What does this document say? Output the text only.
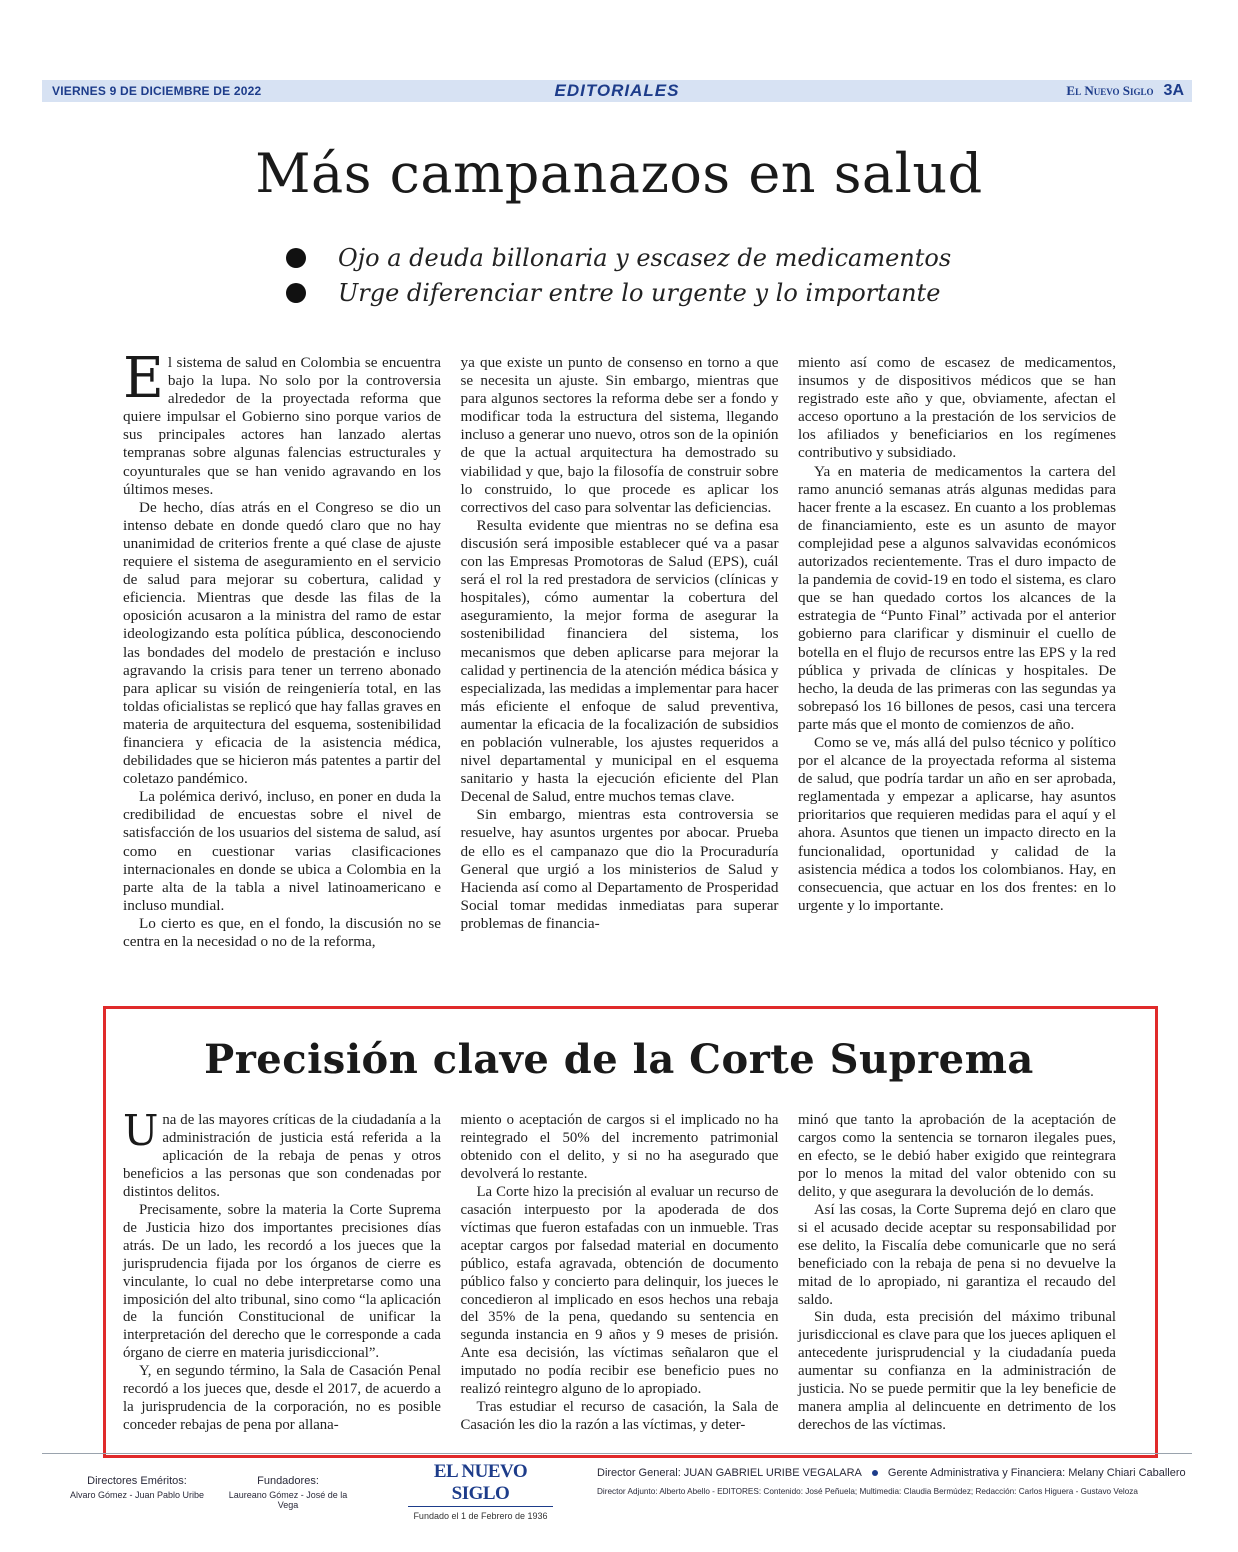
VIERNES 9 DE DICIEMBRE DE 2022	EDITORIALES	El Nuevo Siglo 3A
Más campanazos en salud
Ojo a deuda billonaria y escasez de medicamentos
Urge diferenciar entre lo urgente y lo importante

El sistema de salud en Colombia se encuentra bajo la lupa. No solo por la controversia alrededor de la proyectada reforma que quiere impulsar el Gobierno sino porque varios de sus principales actores han lanzado alertas tempranas sobre algunas falencias estructurales y coyunturales que se han venido agravando en los últimos meses.

De hecho, días atrás en el Congreso se dio un intenso debate en donde quedó claro que no hay unanimidad de criterios frente a qué clase de ajuste requiere el sistema de aseguramiento en el servicio de salud para mejorar su cobertura, calidad y eficiencia. Mientras que desde las filas de la oposición acusaron a la ministra del ramo de estar ideologizando esta política pública, desconociendo las bondades del modelo de prestación e incluso agravando la crisis para tener un terreno abonado para aplicar su visión de reingeniería total, en las toldas oficialistas se replicó que hay fallas graves en materia de arquitectura del esquema, sostenibilidad financiera y eficacia de la asistencia médica, debilidades que se hicieron más patentes a partir del coletazo pandémico.

La polémica derivó, incluso, en poner en duda la credibilidad de encuestas sobre el nivel de satisfacción de los usuarios del sistema de salud, así como en cuestionar varias clasificaciones internacionales en donde se ubica a Colombia en la parte alta de la tabla a nivel latinoamericano e incluso mundial.

Lo cierto es que, en el fondo, la discusión no se centra en la necesidad o no de la reforma,

ya que existe un punto de consenso en torno a que se necesita un ajuste. Sin embargo, mientras que para algunos sectores la reforma debe ser a fondo y modificar toda la estructura del sistema, llegando incluso a generar uno nuevo, otros son de la opinión de que la actual arquitectura ha demostrado su viabilidad y que, bajo la filosofía de construir sobre lo construido, lo que procede es aplicar los correctivos del caso para solventar las deficiencias.

Resulta evidente que mientras no se defina esa discusión será imposible establecer qué va a pasar con las Empresas Promotoras de Salud (EPS), cuál será el rol la red prestadora de servicios (clínicas y hospitales), cómo aumentar la cobertura del aseguramiento, la mejor forma de asegurar la sostenibilidad financiera del sistema, los mecanismos que deben aplicarse para mejorar la calidad y pertinencia de la atención médica básica y especializada, las medidas a implementar para hacer más eficiente el enfoque de salud preventiva, aumentar la eficacia de la focalización de subsidios en población vulnerable, los ajustes requeridos a nivel departamental y municipal en el esquema sanitario y hasta la ejecución eficiente del Plan Decenal de Salud, entre muchos temas clave.

Sin embargo, mientras esta controversia se resuelve, hay asuntos urgentes por abocar. Prueba de ello es el campanazo que dio la Procuraduría General que urgió a los ministerios de Salud y Hacienda así como al Departamento de Prosperidad Social tomar medidas inmediatas para superar problemas de financia-

miento así como de escasez de medicamentos, insumos y de dispositivos médicos que se han registrado este año y que, obviamente, afectan el acceso oportuno a la prestación de los servicios de los afiliados y beneficiarios en los regímenes contributivo y subsidiado.

Ya en materia de medicamentos la cartera del ramo anunció semanas atrás algunas medidas para hacer frente a la escasez. En cuanto a los problemas de financiamiento, este es un asunto de mayor complejidad pese a algunos salvavidas económicos autorizados recientemente. Tras el duro impacto de la pandemia de covid-19 en todo el sistema, es claro que se han quedado cortos los alcances de la estrategia de “Punto Final” activada por el anterior gobierno para clarificar y disminuir el cuello de botella en el flujo de recursos entre las EPS y la red pública y privada de clínicas y hospitales. De hecho, la deuda de las primeras con las segundas ya sobrepasó los 16 billones de pesos, casi una tercera parte más que el monto de comienzos de año.

Como se ve, más allá del pulso técnico y político por el alcance de la proyectada reforma al sistema de salud, que podría tardar un año en ser aprobada, reglamentada y empezar a aplicarse, hay asuntos prioritarios que requieren medidas para el aquí y el ahora. Asuntos que tienen un impacto directo en la funcionalidad, oportunidad y calidad de la asistencia médica a todos los colombianos. Hay, en consecuencia, que actuar en los dos frentes: en lo urgente y lo importante.

Precisión clave de la Corte Suprema

Una de las mayores críticas de la ciudadanía a la administración de justicia está referida a la aplicación de la rebaja de penas y otros beneficios a las personas que son condenadas por distintos delitos.

Precisamente, sobre la materia la Corte Suprema de Justicia hizo dos importantes precisiones días atrás. De un lado, les recordó a los jueces que la jurisprudencia fijada por los órganos de cierre es vinculante, lo cual no debe interpretarse como una imposición del alto tribunal, sino como “la aplicación de la función Constitucional de unificar la interpretación del derecho que le corresponde a cada órgano de cierre en materia jurisdiccional”.

Y, en segundo término, la Sala de Casación Penal recordó a los jueces que, desde el 2017, de acuerdo a la jurisprudencia de la corporación, no es posible conceder rebajas de pena por allana-

miento o aceptación de cargos si el implicado no ha reintegrado el 50% del incremento patrimonial obtenido con el delito, y si no ha asegurado que devolverá lo restante.

La Corte hizo la precisión al evaluar un recurso de casación interpuesto por la apoderada de dos víctimas que fueron estafadas con un inmueble. Tras aceptar cargos por falsedad material en documento público, estafa agravada, obtención de documento público falso y concierto para delinquir, los jueces le concedieron al implicado en esos hechos una rebaja del 35% de la pena, quedando su sentencia en segunda instancia en 9 años y 9 meses de prisión. Ante esa decisión, las víctimas señalaron que el imputado no podía recibir ese beneficio pues no realizó reintegro alguno de lo apropiado.

Tras estudiar el recurso de casación, la Sala de Casación les dio la razón a las víctimas, y deter-

minó que tanto la aprobación de la aceptación de cargos como la sentencia se tornaron ilegales pues, en efecto, se le debió haber exigido que reintegrara por lo menos la mitad del valor obtenido con su delito, y que asegurara la devolución de lo demás.

Así las cosas, la Corte Suprema dejó en claro que si el acusado decide aceptar su responsabilidad por ese delito, la Fiscalía debe comunicarle que no será beneficiado con la rebaja de pena si no devuelve la mitad de lo apropiado, ni garantiza el recaudo del saldo.

Sin duda, esta precisión del máximo tribunal jurisdiccional es clave para que los jueces apliquen el antecedente jurisprudencial y la ciudadanía pueda aumentar su confianza en la administración de justicia. No se puede permitir que la ley beneficie de manera amplia al delincuente en detrimento de los derechos de las víctimas.

Directores Eméritos:
Alvaro Gómez - Juan Pablo Uribe
Fundadores:
Laureano Gómez - José de la Vega
EL NUEVO SIGLO
Fundado el 1 de Febrero de 1936
Director General: JUAN GABRIEL URIBE VEGALARA Gerente Administrativa y Financiera: Melany Chiari Caballero
Director Adjunto: Alberto Abello - EDITORES: Contenido: José Peñuela; Multimedia: Claudia Bermúdez; Redacción: Carlos Higuera - Gustavo Veloza
